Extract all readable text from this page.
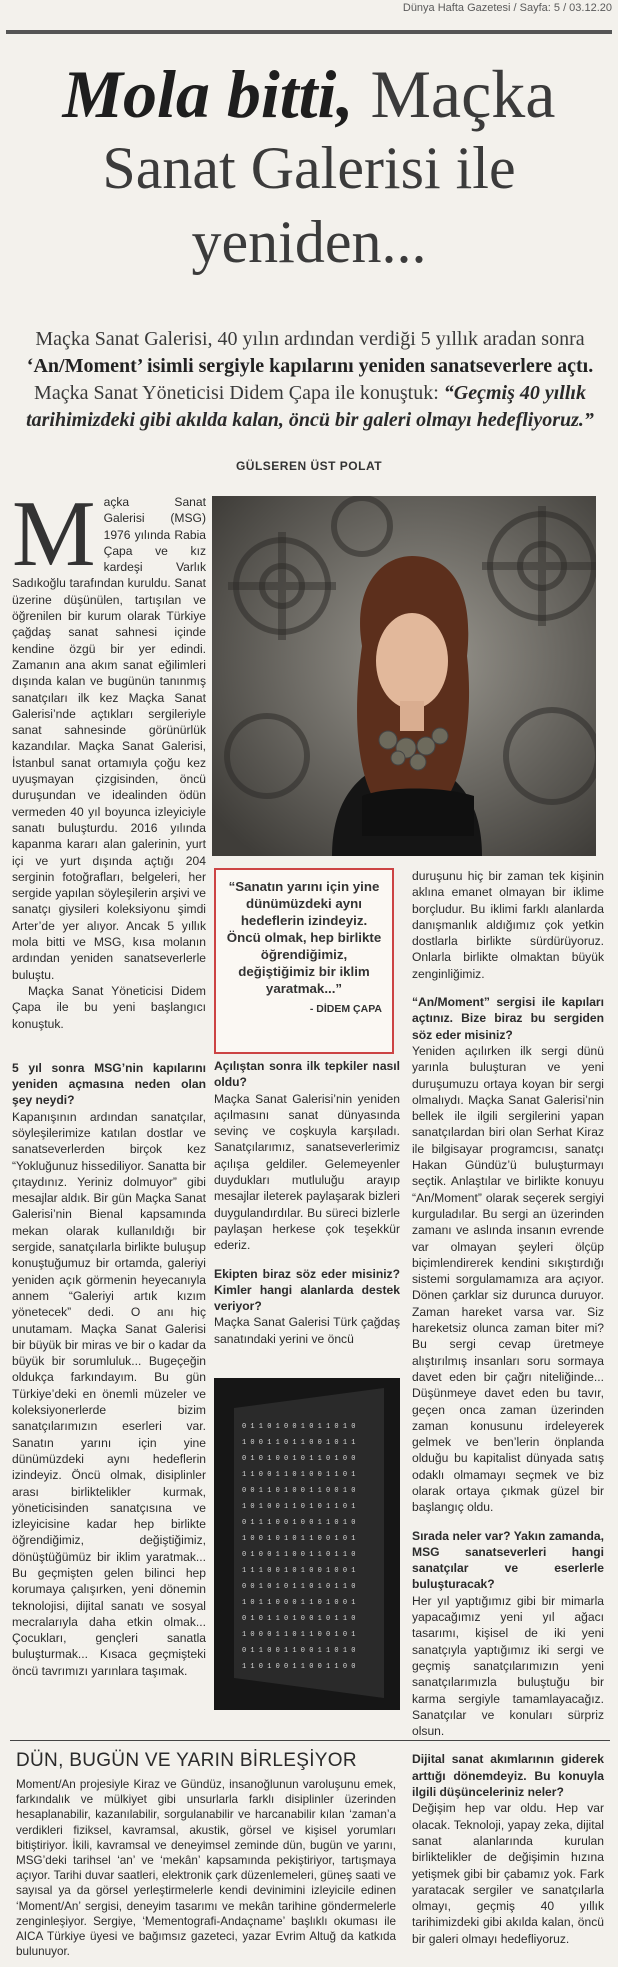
Dünya Hafta Gazetesi / Sayfa: 5 / 03.12.20
Mola bitti, Maçka
Sanat Galerisi ile
yeniden...
Maçka Sanat Galerisi, 40 yılın ardından verdiği 5 yıllık aradan sonra ‘An/Moment’ isimli sergiyle kapılarını yeniden sanatseverlere açtı. Maçka Sanat Yöneticisi Didem Çapa ile konuştuk: “Geçmiş 40 yıllık tarihimizdeki gibi akılda kalan, öncü bir galeri olmayı hedefliyoruz.”
GÜLSEREN ÜST POLAT
M açka Sanat Galerisi (MSG) 1976 yılında Rabia Çapa ve kız kardeşi Varlık Sadıkoğlu tarafından kuruldu. Sanat üzerine düşünülen, tartışılan ve öğrenilen bir kurum olarak Türkiye çağdaş sanat sahnesi içinde kendine özgü bir yer edindi. Zamanın ana akım sanat eğilimleri dışında kalan ve bugünün tanınmış sanatçıları ilk kez Maçka Sanat Galerisi’nde açtıkları sergileriyle sanat sahnesinde görünürlük kazandılar. Maçka Sanat Galerisi, İstanbul sanat ortamıyla çoğu kez uyuşmayan çizgisinden, öncü duruşundan ve idealinden ödün vermeden 40 yıl boyunca izleyiciyle sanatı buluşturdu. 2016 yılında kapanma kararı alan galerinin, yurt içi ve yurt dışında açtığı 204 serginin fotoğrafları, belgeleri, her sergide yapılan söyleşilerin arşivi ve sanatçı giysileri koleksiyonu şimdi Arter’de yer alıyor. Ancak 5 yıllık mola bitti ve MSG, kısa molanın ardından yeniden sanatseverlerle buluştu.

Maçka Sanat Yöneticisi Didem Çapa ile bu yeni başlangıcı konuştuk.

5 yıl sonra MSG’nin kapılarını yeniden açmasına neden olan şey neydi?

Kapanışının ardından sanatçılar, söyleşilerimize katılan dostlar ve sanatseverlerden birçok kez “Yokluğunuz hissediliyor. Sanatta bir çıtaydınız. Yeriniz dolmuyor” gibi mesajlar aldık. Bir gün Maçka Sanat Galerisi’nin Bienal kapsamında mekan olarak kullanıldığı bir sergide, sanatçılarla birlikte buluşup konuştuğumuz bir ortamda, galeriyi yeniden açık görmenin heyecanıyla annem “Galeriyi artık kızım yönetecek” dedi. O anı hiç unutamam. Maçka Sanat Galerisi bir büyük bir miras ve bir o kadar da büyük bir sorumluluk... Bugeçeğin oldukça farkındayım. Bu gün Türkiye’deki en önemli müzeler ve koleksiyonerlerde bizim sanatçılarımızın eserleri var. Sanatın yarını için yine dünümüzdeki aynı hedeflerin izindeyiz. Öncü olmak, disiplinler arası birliktelikler kurmak, yöneticisinden sanatçısına ve izleyicisine kadar hep birlikte öğrendiğimiz, değiştiğimiz, dönüştüğümüz bir iklim yaratmak... Bu geçmişten gelen bilinci hep korumaya çalışırken, yeni dönemin teknolojisi, dijital sanatı ve sosyal mecralarıyla daha etkin olmak... Çocukları, gençleri sanatla buluşturmak... Kısaca geçmişteki öncü tavrımızı yarınlara taşımak.

“Sanatın yarını için yine dünümüzdeki aynı hedeflerin izindeyiz. Öncü olmak, hep birlikte öğrendiğimiz, değiştiğimiz bir iklim yaratmak...”
- DİDEM ÇAPA

Açılıştan sonra ilk tepkiler nasıl oldu?

Maçka Sanat Galerisi’nin yeniden açılmasını sanat dünyasında sevinç ve coşkuyla karşıladı. Sanatçılarımız, sanatseverlerimiz açılışa geldiler. Gelemeyenler duydukları mutluluğu arayıp mesajlar ileterek paylaşarak bizleri duygulandırdılar. Bu süreci bizlerle paylaşan herkese çok teşekkür ederiz.

Ekipten biraz söz eder misiniz? Kimler hangi alanlarda destek veriyor?

Maçka Sanat Galerisi Türk çağdaş sanatındaki yerini ve öncü

0 1 1 0 1 0 0 1 0 1 1 0 1 0
1 0 0 1 1 0 1 1 0 0 1 0 1 1
0 1 0 1 0 0 1 0 1 1 0 1 0 0
1 1 0 0 1 1 0 1 0 0 1 1 0 1
0 0 1 1 0 1 0 0 1 1 0 0 1 0
1 0 1 0 0 1 1 0 1 0 1 1 0 1
0 1 1 1 0 0 1 0 0 1 1 0 1 0
1 0 0 1 0 1 0 1 1 0 0 1 0 1
0 1 0 0 1 1 0 0 1 1 0 1 1 0
1 1 1 0 0 1 0 1 0 0 1 0 0 1
0 0 1 0 1 0 1 1 0 1 0 1 1 0
1 0 1 1 0 0 0 1 1 0 1 0 0 1
0 1 0 1 1 0 1 0 0 1 0 1 1 0
1 0 0 0 1 1 0 1 1 0 0 1 0 1
0 1 1 0 0 1 1 0 0 1 1 0 1 0
1 1 0 1 0 0 1 1 0 0 1 1 0 0

duruşunu hiç bir zaman tek kişinin aklına emanet olmayan bir iklime borçludur. Bu iklimi farklı alanlarda danışmanlık aldığımız çok yetkin dostlarla birlikte sürdürüyoruz. Onlarla birlikte olmaktan büyük zenginliğimiz.

“An/Moment” sergisi ile kapıları açtınız. Bize biraz bu sergiden söz eder misiniz?

Yeniden açılırken ilk sergi dünü yarınla buluşturan ve yeni duruşumuzu ortaya koyan bir sergi olmalıydı. Maçka Sanat Galerisi’nin bellek ile ilgili sergilerini yapan sanatçılardan biri olan Serhat Kiraz ile bilgisayar programcısı, sanatçı Hakan Gündüz’ü buluşturmayı seçtik. Anlaştılar ve birlikte konuyu “An/Moment” olarak seçerek sergiyi kurguladılar. Bu sergi an üzerinden zamanı ve aslında insanın evrende var olmayan şeyleri ölçüp biçimlendirerek kendini sıkıştırdığı sistemi sorgulamamıza ara açıyor. Dönen çarklar siz durunca duruyor. Zaman hareket varsa var. Siz hareketsiz olunca zaman biter mi? Bu sergi cevap üretmeye alıştırılmış insanları soru sormaya davet eden bir çağrı niteliğinde... Düşünmeye davet eden bu tavır, geçen onca zaman üzerinden zaman konusunu irdeleyerek gelmek ve ben’lerin önplanda olduğu bu kapitalist dünyada satış odaklı olmamayı seçmek ve biz olarak ortaya çıkmak güzel bir başlangıç oldu.

Sırada neler var? Yakın zamanda, MSG sanatseverleri hangi sanatçılar ve eserlerle buluşturacak?

Her yıl yaptığımız gibi bir mimarla yapacağımız yeni yıl ağacı tasarımı, kişisel de iki yeni sanatçıyla yaptığımız iki sergi ve geçmiş sanatçılarımızın yeni sanatçılarımızla buluştuğu bir karma sergiyle tamamlayacağız. Sanatçılar ve konuları sürpriz olsun.

Dijital sanat akımlarının giderek arttığı dönemdeyiz. Bu konuyla ilgili düşünceleriniz neler?

Değişim hep var oldu. Hep var olacak. Teknoloji, yapay zeka, dijital sanat alanlarında kurulan birliktelikler de değişimin hızına yetişmek gibi bir çabamız yok. Fark yaratacak sergiler ve sanatçılarla olmayı, geçmiş 40 yıllık tarihimizdeki gibi akılda kalan, öncü bir galeri olmayı hedefliyoruz.

DÜN, BUGÜN VE YARIN BİRLEŞİYOR
Moment/An projesiyle Kiraz ve Gündüz, insanoğlunun varoluşunu emek, farkındalık ve mülkiyet gibi unsurlarla farklı disiplinler üzerinden hesaplanabilir, kazanılabilir, sorgulanabilir ve harcanabilir kılan ‘zaman’a verdikleri fiziksel, kavramsal, akustik, görsel ve kişisel yorumları bitiştiriyor. İkili, kavramsal ve deneyimsel zeminde dün, bugün ve yarını, MSG’deki tarihsel ‘an’ ve ‘mekân’ kapsamında pekiştiriyor, tartışmaya açıyor. Tarihi duvar saatleri, elektronik çark düzenlemeleri, güneş saati ve sayısal ya da görsel yerleştirmelerle kendi devinimini izleyicile edinen ‘Moment/An’ sergisi, deneyim tasarımı ve mekân tarihine göndermelerle zenginleşiyor. Sergiye, ‘Mementografi-Andaçname’ başlıklı okuması ile AICA Türkiye üyesi ve bağımsız gazeteci, yazar Evrim Altuğ da katkıda bulunuyor.
